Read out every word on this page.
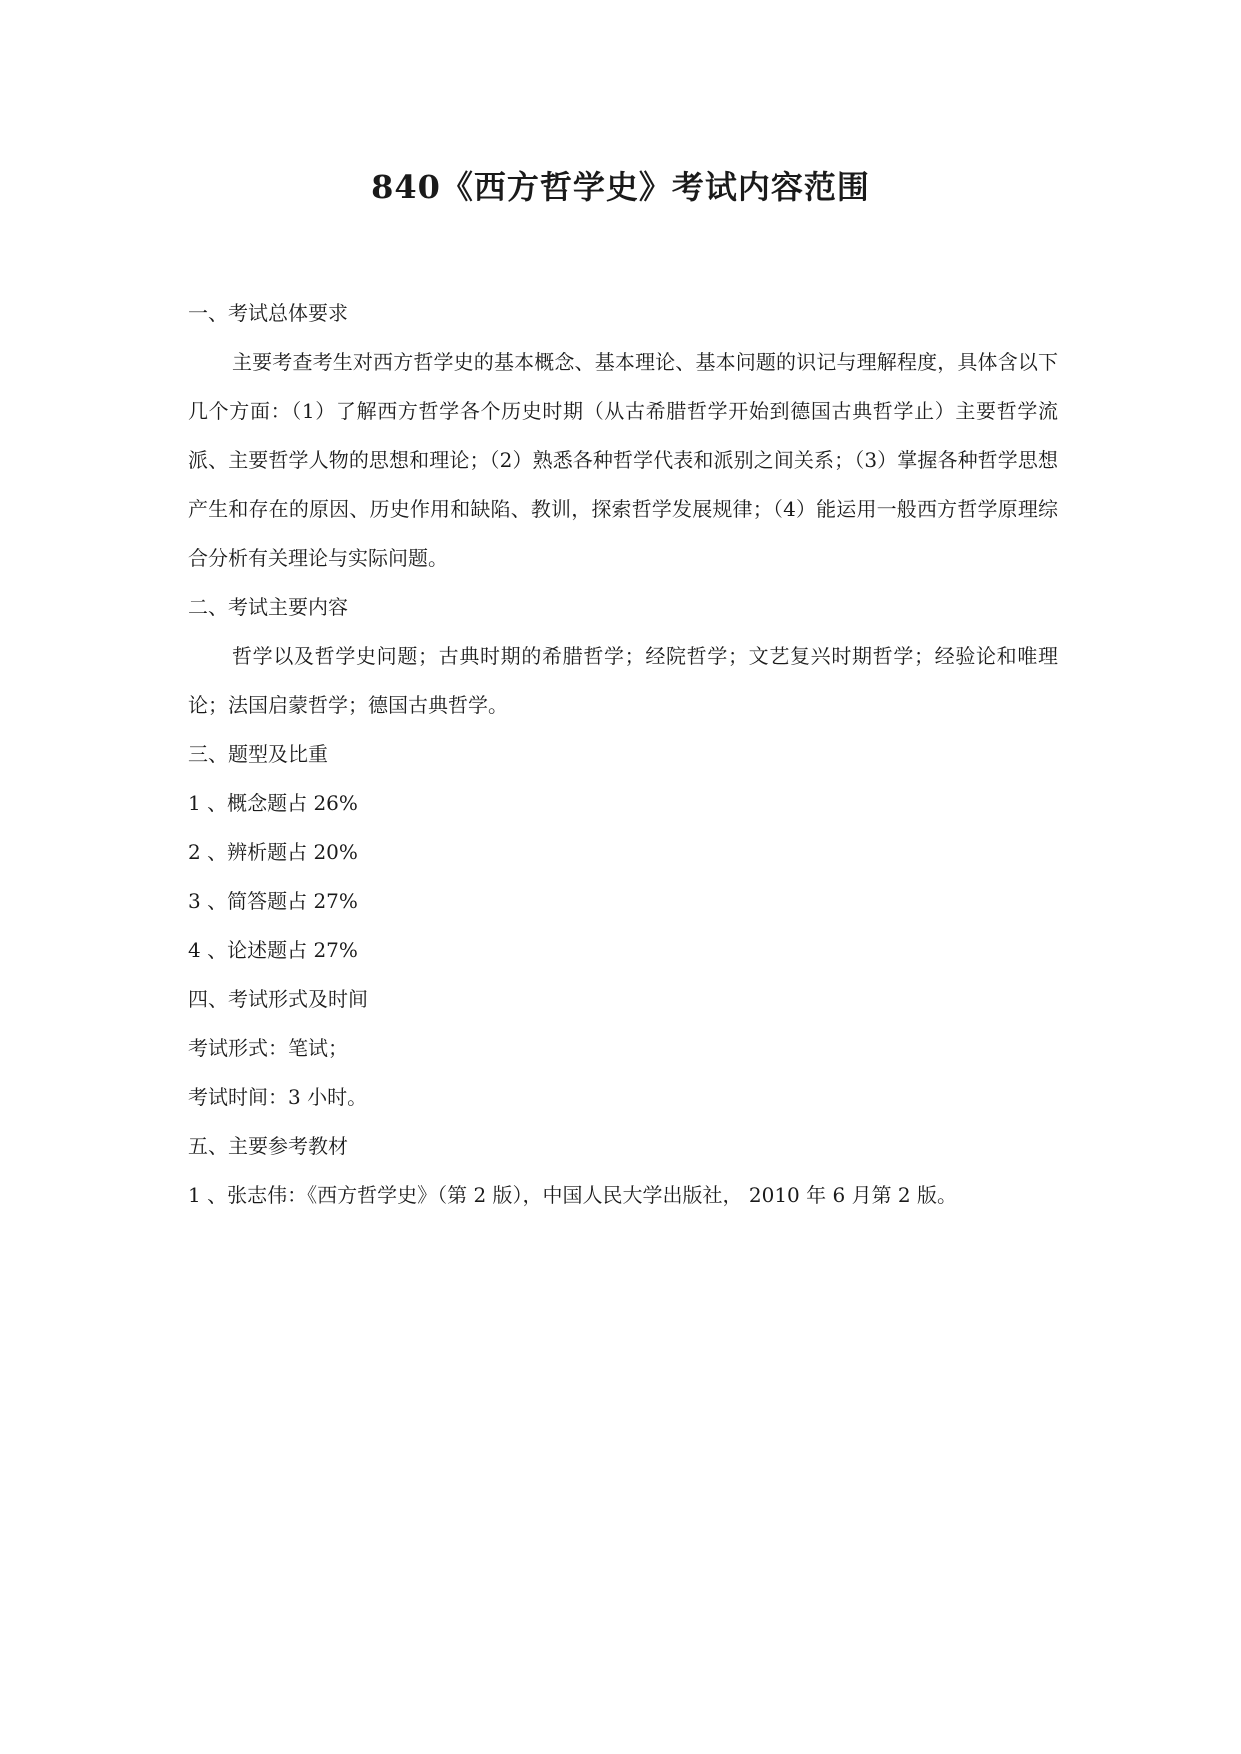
840《西方哲学史》考试内容范围

一、考试总体要求

主要考查考生对西方哲学史的基本概念、基本理论、基本问题的识记与理解程度，具体含以下几个方面：（1）了解西方哲学各个历史时期（从古希腊哲学开始到德国古典哲学止）主要哲学流派、主要哲学人物的思想和理论；（2）熟悉各种哲学代表和派别之间关系；（3）掌握各种哲学思想产生和存在的原因、历史作用和缺陷、教训，探索哲学发展规律；（4）能运用一般西方哲学原理综合分析有关理论与实际问题。

二、考试主要内容

哲学以及哲学史问题；古典时期的希腊哲学；经院哲学；文艺复兴时期哲学；经验论和唯理论；法国启蒙哲学；德国古典哲学。

三、题型及比重

1 、概念题占 26%

2 、辨析题占 20%

3 、简答题占 27%

4 、论述题占 27%

四、考试形式及时间

考试形式：笔试；

考试时间：3 小时。

五、主要参考教材

1 、张志伟：《西方哲学史》（第 2 版），中国人民大学出版社， 2010 年 6 月第 2 版。
